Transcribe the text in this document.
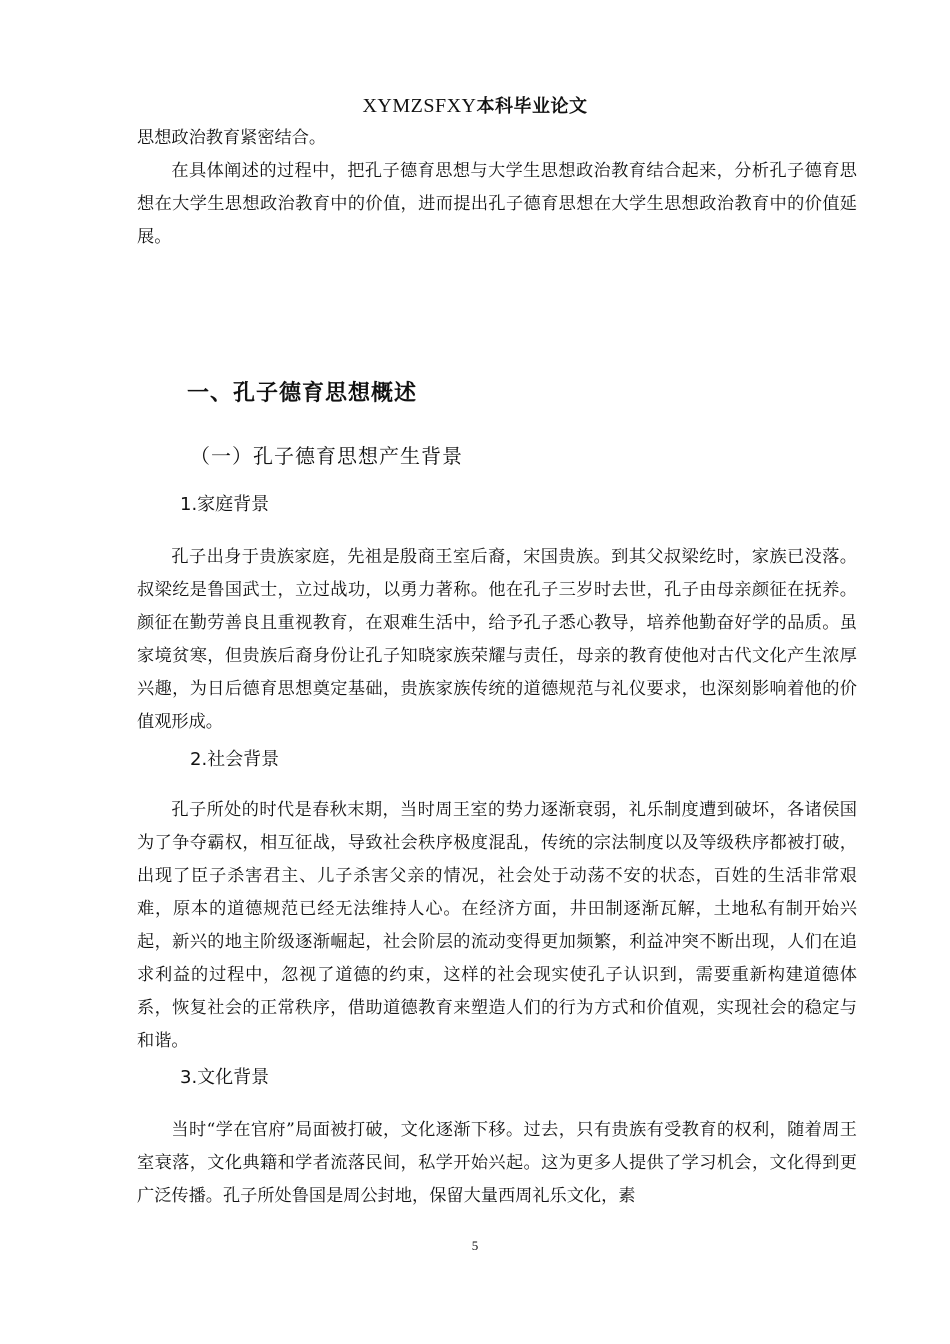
XYMZSFXY本科毕业论文

思想政治教育紧密结合。

在具体阐述的过程中，把孔子德育思想与大学生思想政治教育结合起来，分析孔子德育思想在大学生思想政治教育中的价值，进而提出孔子德育思想在大学生思想政治教育中的价值延展。

一、孔子德育思想概述
（一）孔子德育思想产生背景
1.家庭背景
孔子出身于贵族家庭，先祖是殷商王室后裔，宋国贵族。到其父叔梁纥时，家族已没落。叔梁纥是鲁国武士，立过战功，以勇力著称。他在孔子三岁时去世，孔子由母亲颜征在抚养。颜征在勤劳善良且重视教育，在艰难生活中，给予孔子悉心教导，培养他勤奋好学的品质。虽家境贫寒，但贵族后裔身份让孔子知晓家族荣耀与责任，母亲的教育使他对古代文化产生浓厚兴趣，为日后德育思想奠定基础，贵族家族传统的道德规范与礼仪要求，也深刻影响着他的价值观形成。
2.社会背景
孔子所处的时代是春秋末期，当时周王室的势力逐渐衰弱，礼乐制度遭到破坏，各诸侯国为了争夺霸权，相互征战，导致社会秩序极度混乱，传统的宗法制度以及等级秩序都被打破，出现了臣子杀害君主、儿子杀害父亲的情况，社会处于动荡不安的状态，百姓的生活非常艰难，原本的道德规范已经无法维持人心。在经济方面，井田制逐渐瓦解，土地私有制开始兴起，新兴的地主阶级逐渐崛起，社会阶层的流动变得更加频繁，利益冲突不断出现，人们在追求利益的过程中，忽视了道德的约束，这样的社会现实使孔子认识到，需要重新构建道德体系，恢复社会的正常秩序，借助道德教育来塑造人们的行为方式和价值观，实现社会的稳定与和谐。
3.文化背景
当时“学在官府”局面被打破，文化逐渐下移。过去，只有贵族有受教育的权利，随着周王室衰落，文化典籍和学者流落民间，私学开始兴起。这为更多人提供了学习机会，文化得到更广泛传播。孔子所处鲁国是周公封地，保留大量西周礼乐文化，素
5
